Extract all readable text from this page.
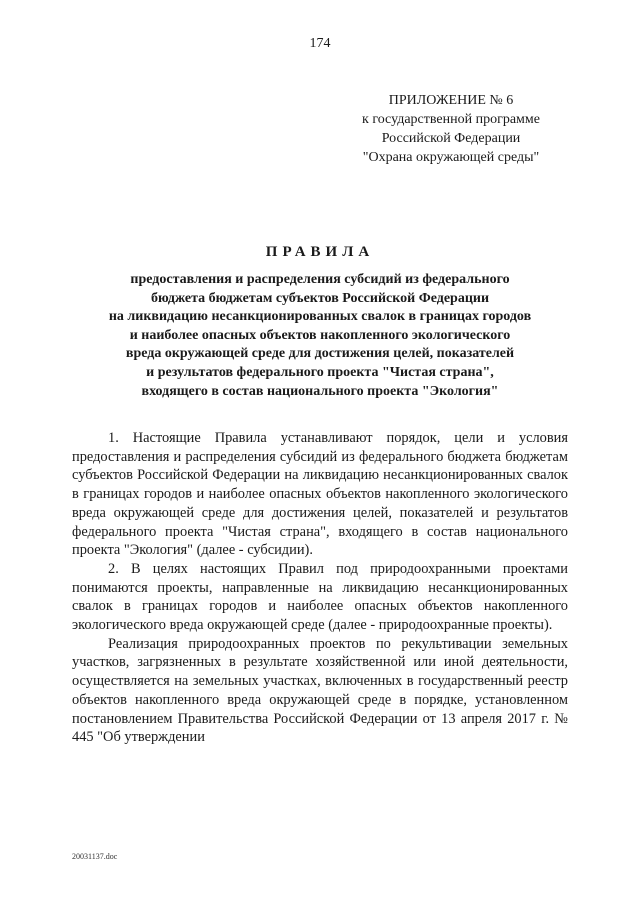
174
ПРИЛОЖЕНИЕ № 6
к государственной программе
Российской Федерации
"Охрана окружающей среды"
ПРАВИЛА
предоставления и распределения субсидий из федерального
бюджета бюджетам субъектов Российской Федерации
на ликвидацию несанкционированных свалок в границах городов
и наиболее опасных объектов накопленного экологического
вреда окружающей среде для достижения целей, показателей
и результатов федерального проекта "Чистая страна",
входящего в состав национального проекта "Экология"

1. Настоящие Правила устанавливают порядок, цели и условия предоставления и распределения субсидий из федерального бюджета бюджетам субъектов Российской Федерации на ликвидацию несанкционированных свалок в границах городов и наиболее опасных объектов накопленного экологического вреда окружающей среде для достижения целей, показателей и результатов федерального проекта "Чистая страна", входящего в состав национального проекта "Экология" (далее - субсидии).

2. В целях настоящих Правил под природоохранными проектами понимаются проекты, направленные на ликвидацию несанкционированных свалок в границах городов и наиболее опасных объектов накопленного экологического вреда окружающей среде (далее - природоохранные проекты).

Реализация природоохранных проектов по рекультивации земельных участков, загрязненных в результате хозяйственной или иной деятельности, осуществляется на земельных участках, включенных в государственный реестр объектов накопленного вреда окружающей среде в порядке, установленном постановлением Правительства Российской Федерации от 13 апреля 2017 г. № 445 "Об утверждении

20031137.doc
